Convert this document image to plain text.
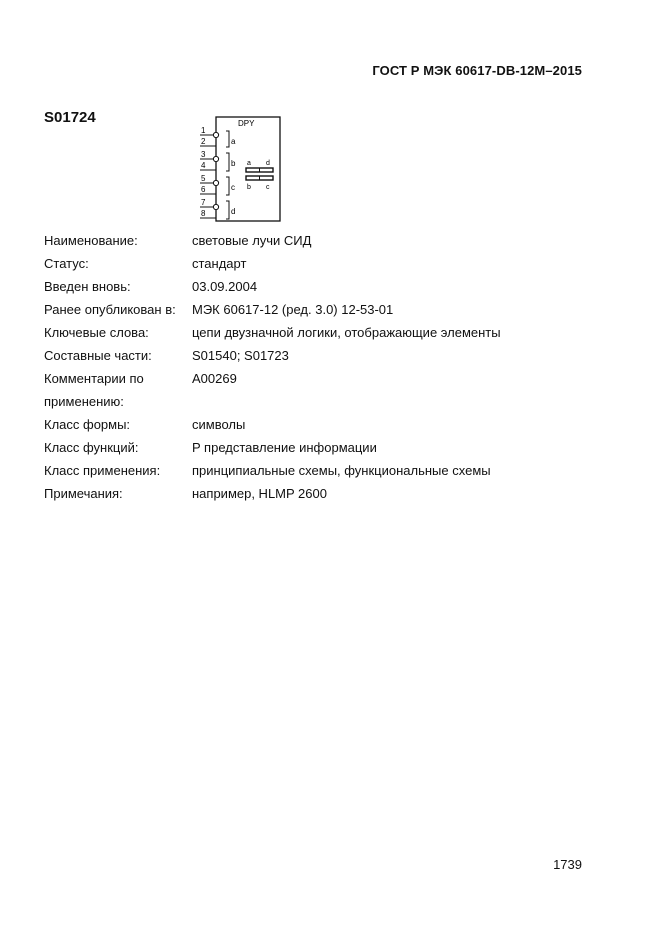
ГОСТ Р МЭК 60617-DB-12M–2015
S01724	DPY
1
2
3
4
5
6
7
8
a
b
c
d
a d
b c
Наименование:	световые лучи СИД
Статус:	стандарт
Введен вновь:	03.09.2004
Ранее опубликован в:	МЭК 60617-12 (ред. 3.0) 12-53-01
Ключевые слова:	цепи двузначной логики, отображающие элементы
Составные части:	S01540; S01723
Комментарии по	A00269
применению:
Класс формы:	символы
Класс функций:	P представление информации
Класс применения:	принципиальные схемы, функциональные схемы
Примечания:	например, HLMP 2600
1739
